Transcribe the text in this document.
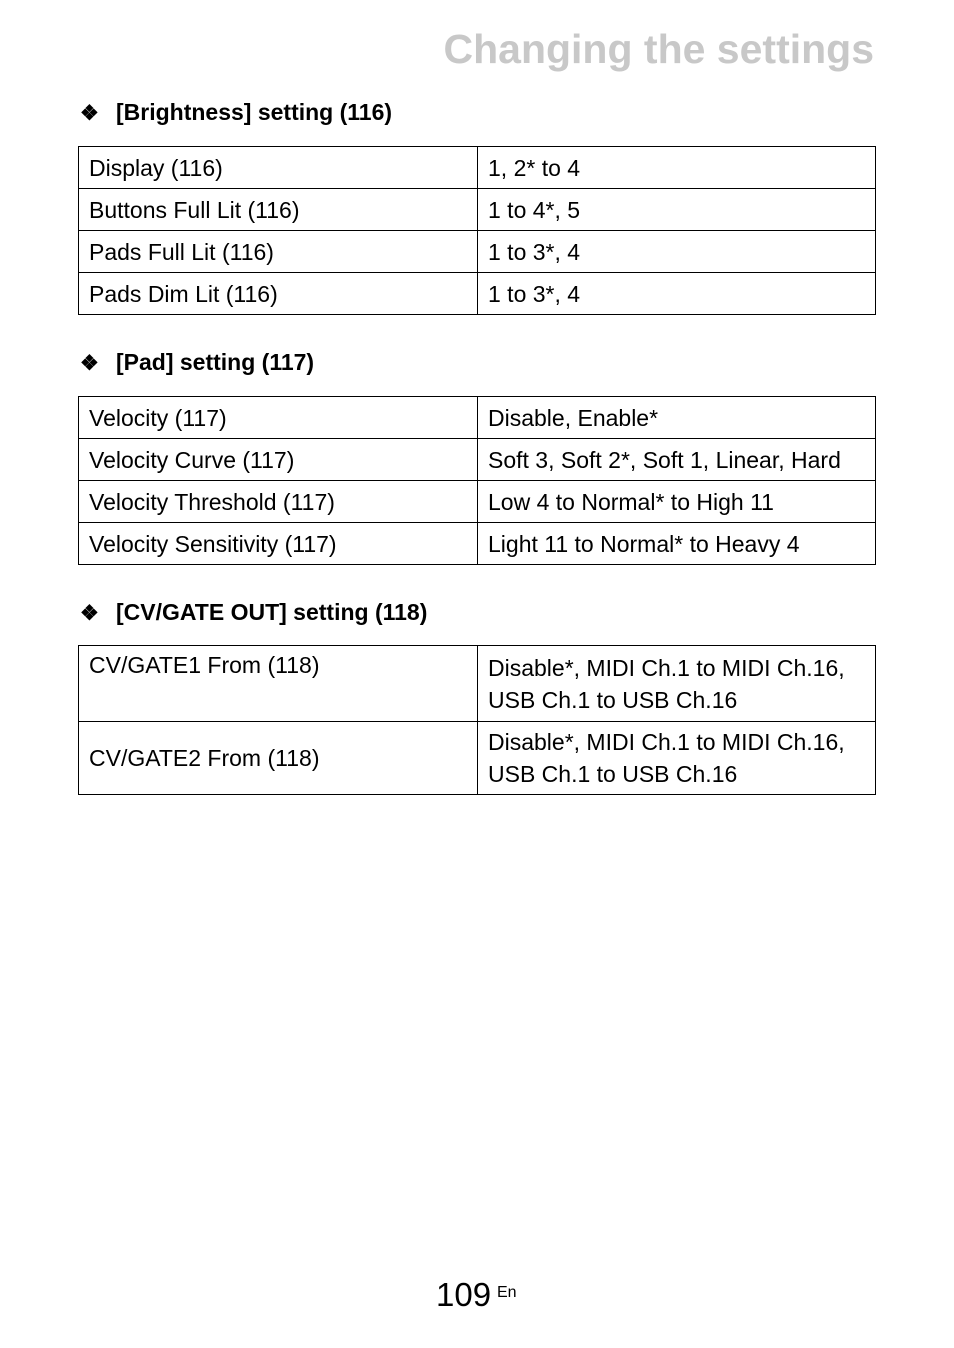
Changing the settings
❖ [Brightness] setting (116)
Display (116)	1, 2* to 4
Buttons Full Lit (116)	1 to 4*, 5
Pads Full Lit (116)	1 to 3*, 4
Pads Dim Lit (116)	1 to 3*, 4
❖ [Pad] setting (117)
Velocity (117)	Disable, Enable*
Velocity Curve (117)	Soft 3, Soft 2*, Soft 1, Linear, Hard
Velocity Threshold (117)	Low 4 to Normal* to High 11
Velocity Sensitivity (117)	Light 11 to Normal* to Heavy 4
❖ [CV/GATE OUT] setting (118)
CV/GATE1 From (118)	Disable*, MIDI Ch.1 to MIDI Ch.16,
USB Ch.1 to USB Ch.16

CV/GATE2 From (118)	Disable*, MIDI Ch.1 to MIDI Ch.16,
USB Ch.1 to USB Ch.16
109 En
